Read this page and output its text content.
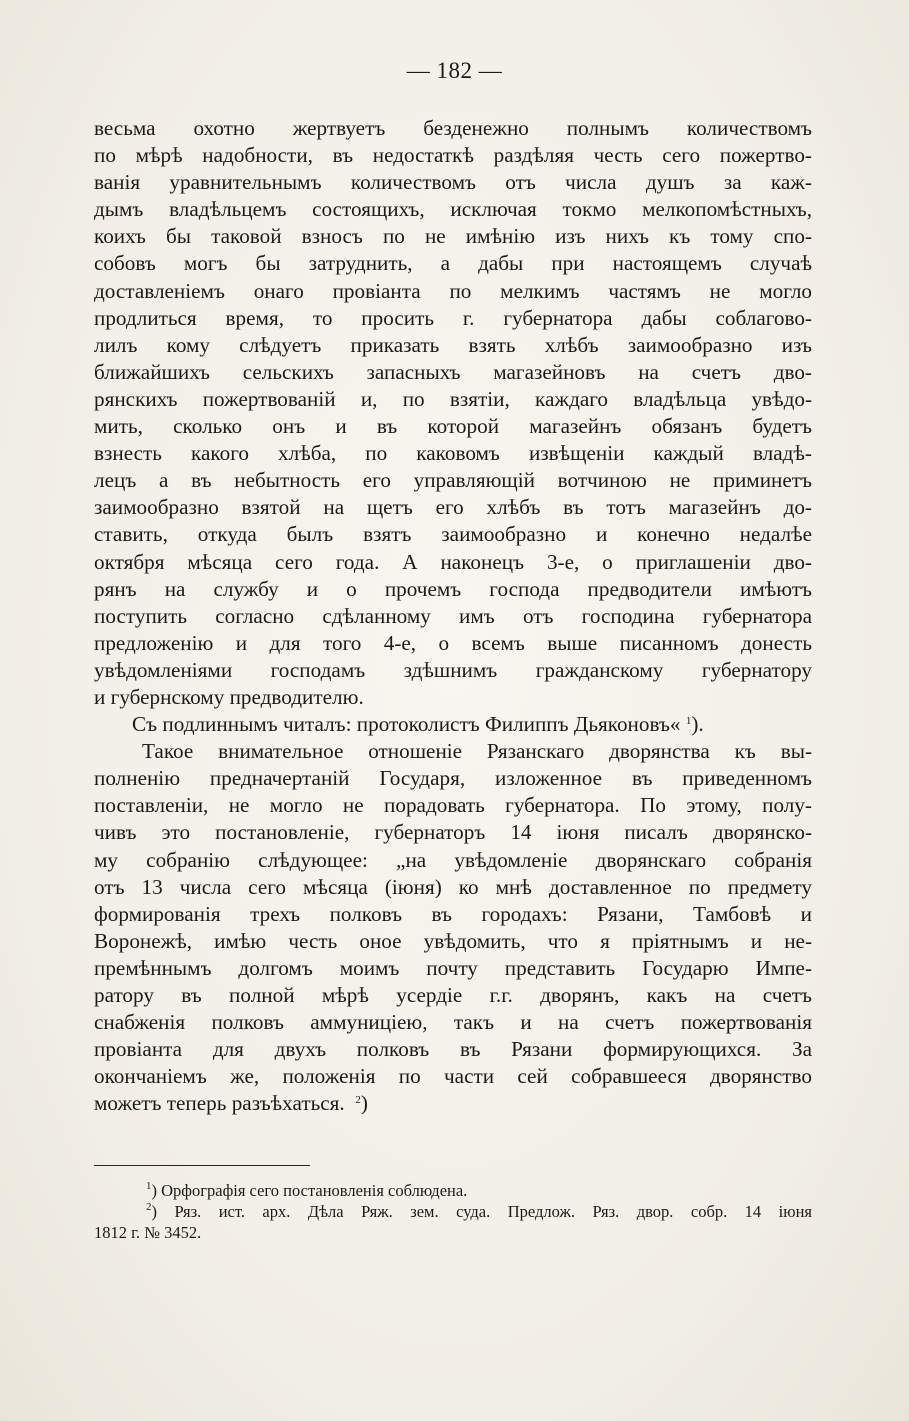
— 182 —
весьма охотно жертвуетъ безденежно полнымъ количествомъ
по мѣрѣ надобности, въ недостаткѣ раздѣляя честь сего пожертво-
ванія уравнительнымъ количествомъ отъ числа душъ за каж-
дымъ владѣльцемъ состоящихъ, исключая токмо мелкопомѣстныхъ,
коихъ бы таковой взносъ по не имѣнію изъ нихъ къ тому спо-
собовъ могъ бы затруднить, а дабы при настоящемъ случаѣ
доставленіемъ онаго провіанта по мелкимъ частямъ не могло
продлиться время, то просить г. губернатора дабы соблагово-
лилъ кому слѣдуетъ приказать взять хлѣбъ заимообразно изъ
ближайшихъ сельскихъ запасныхъ магазейновъ на счетъ дво-
рянскихъ пожертвованій и, по взятіи, каждаго владѣльца увѣдо-
мить, сколько онъ и въ которой магазейнъ обязанъ будетъ
взнесть какого хлѣба, по каковомъ извѣщеніи каждый владѣ-
лецъ а въ небытность его управляющій вотчиною не приминетъ
заимообразно взятой на щетъ его хлѣбъ въ тотъ магазейнъ до-
ставить, откуда былъ взятъ заимообразно и конечно недалѣе
октября мѣсяца сего года. А наконецъ 3-е, о приглашеніи дво-
рянъ на службу и о прочемъ господа предводители имѣютъ
поступить согласно сдѣланному имъ отъ господина губернатора
предложенію и для того 4-е, о всемъ выше писанномъ донесть
увѣдомленіями господамъ здѣшнимъ гражданскому губернатору
и губернскому предводителю.
Съ подлиннымъ читалъ: протоколистъ Филиппъ Дьяконовъ« $^1$).
Такое внимательное отношеніе Рязанскаго дворянства къ вы-
полненію предначертаній Государя, изложенное въ приведенномъ
поставленіи, не могло не порадовать губернатора. По этому, полу-
чивъ это постановленіе, губернаторъ 14 іюня писалъ дворянско-
му собранію слѣдующее: „на увѣдомленіе дворянскаго собранія
отъ 13 числа сего мѣсяца (іюня) ко мнѣ доставленное по предмету
формированія трехъ полковъ въ городахъ: Рязани, Тамбовѣ и
Воронежѣ, имѣю честь оное увѣдомить, что я пріятнымъ и не-
премѣннымъ долгомъ моимъ почту представить Государю Импе-
ратору въ полной мѣрѣ усердіе г.г. дворянъ, какъ на счетъ
снабженія полковъ аммуниціею, такъ и на счетъ пожертвованія
провіанта для двухъ полковъ въ Рязани формирующихся. За
окончаніемъ же, положенія по части сей собравшееся дворянство
можетъ теперь разъѣхаться. $^2$)
$^1$) Орфографія сего постановленія соблюдена.
$^2$) Ряз. ист. арх. Дѣла Ряж. зем. суда. Предлож. Ряз. двор. собр. 14 іюня
1812 г. № 3452.
